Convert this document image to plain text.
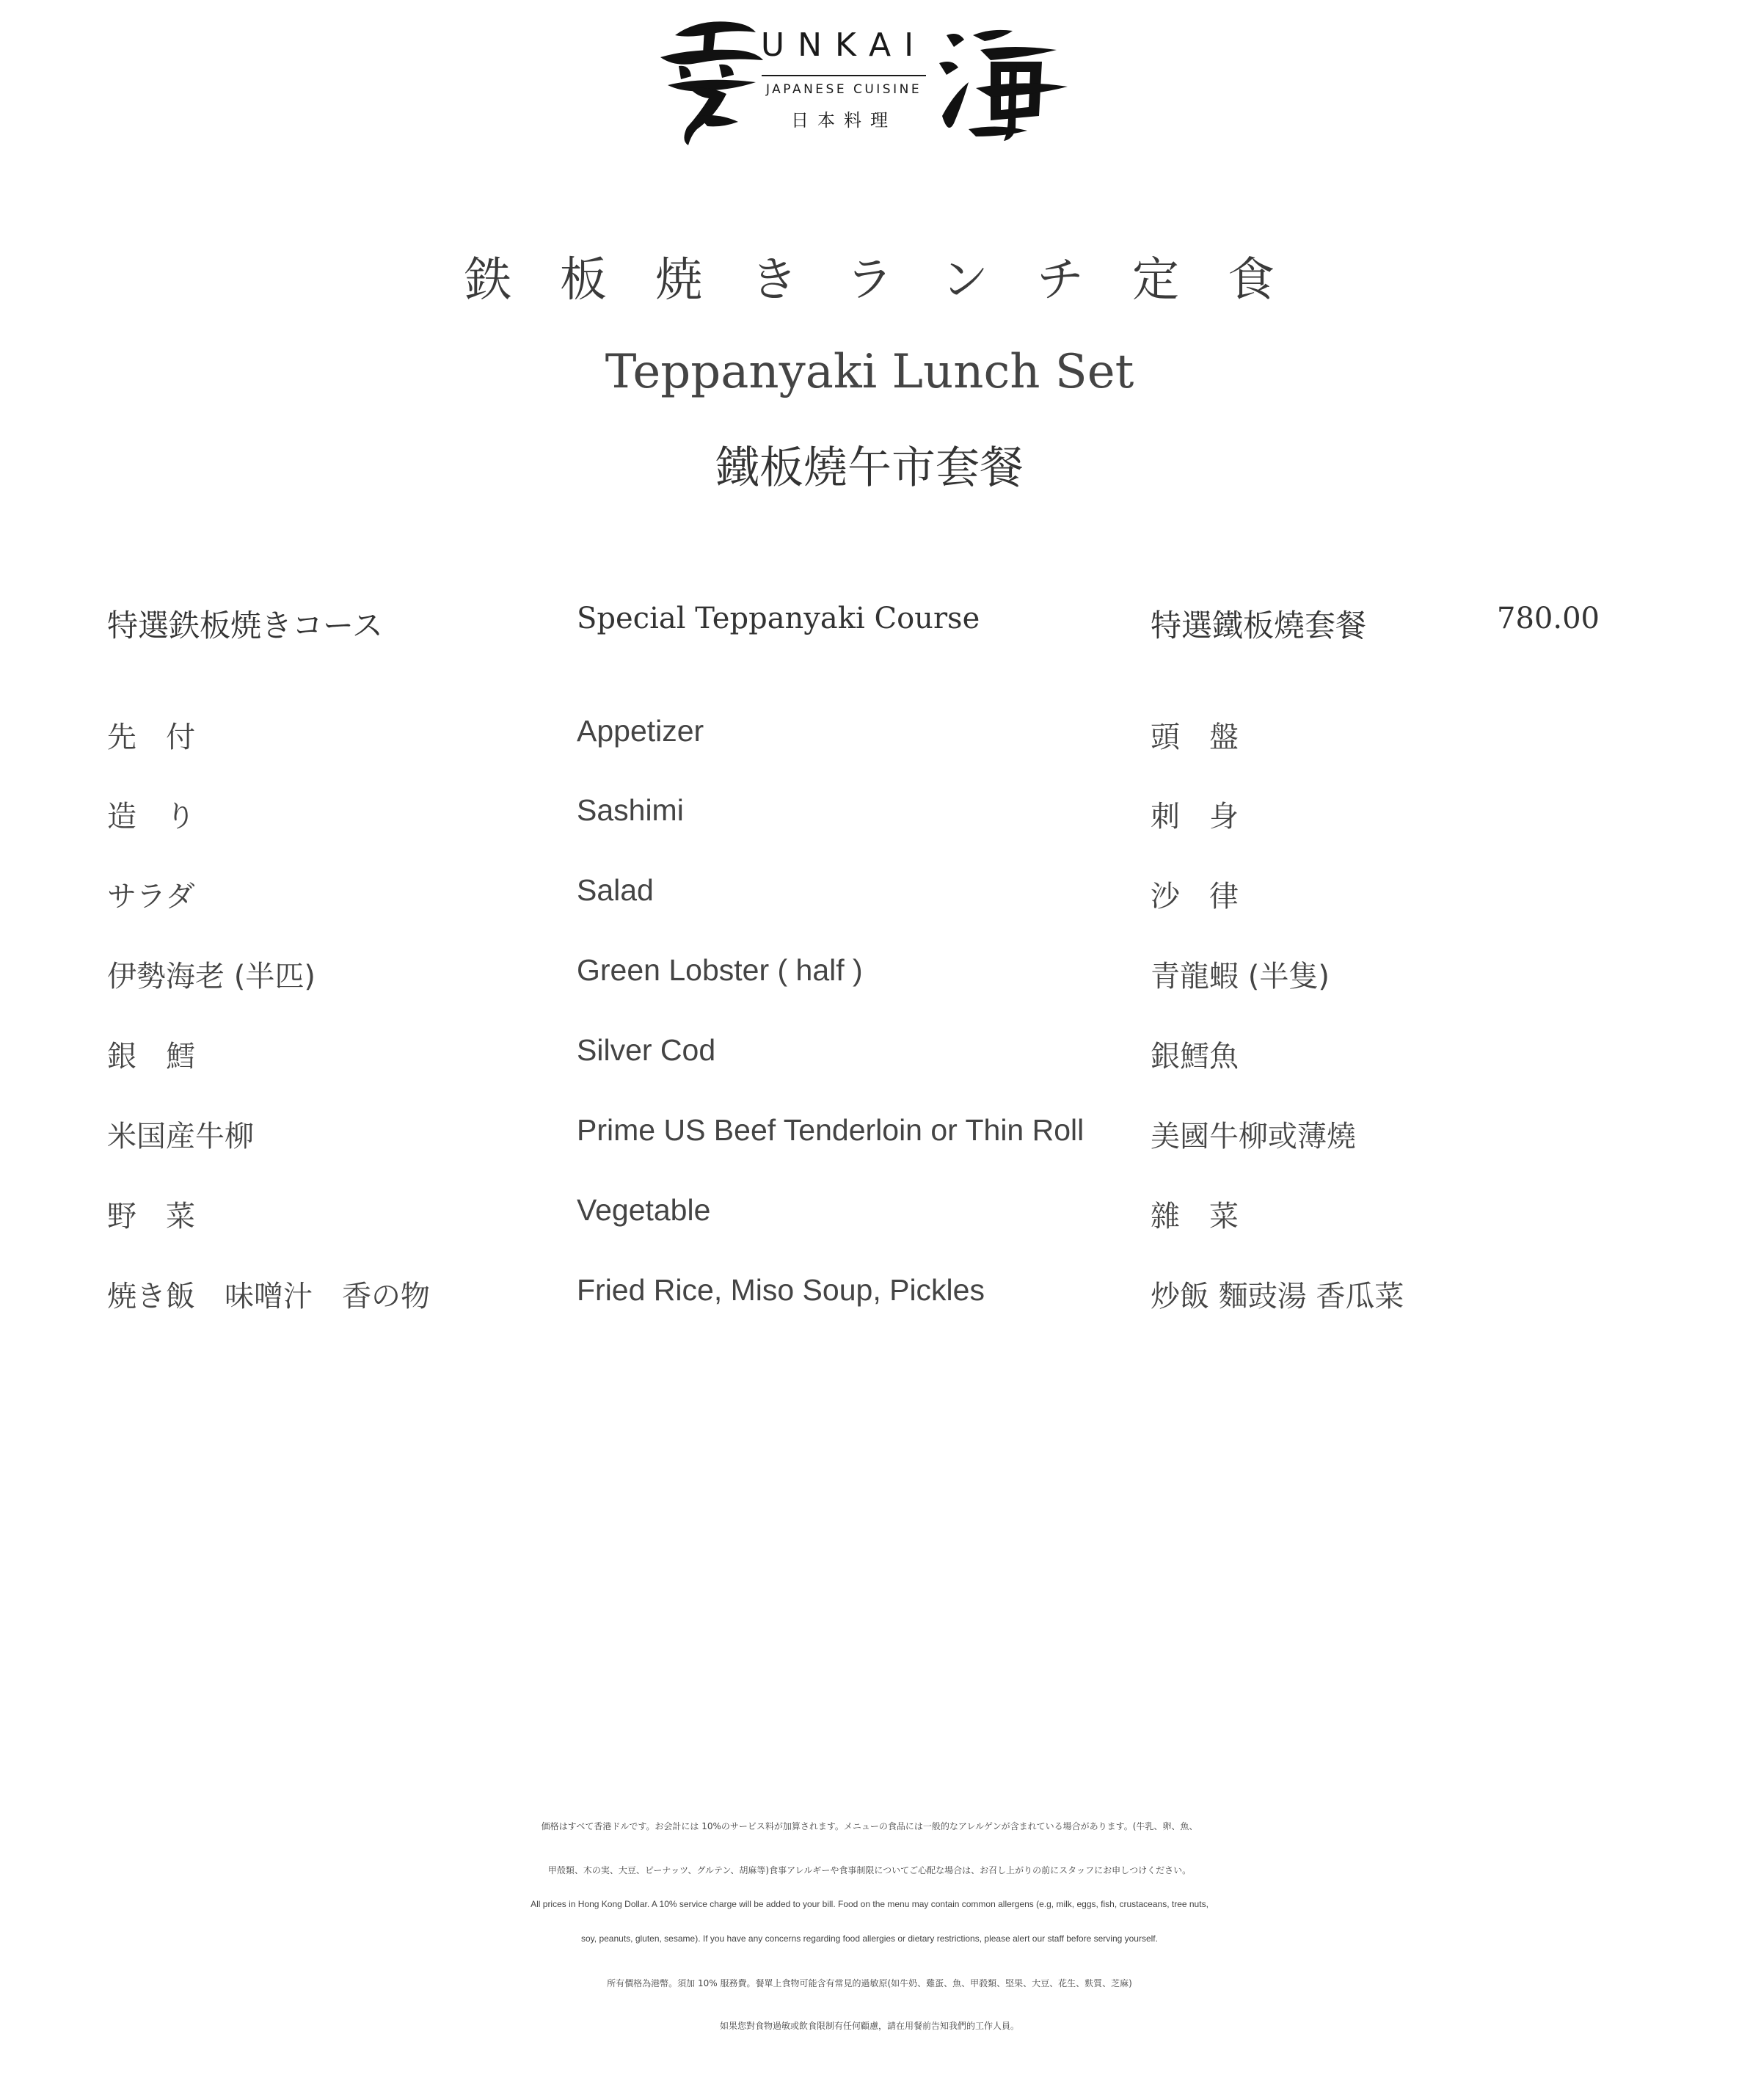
UNKAI
JAPANESE CUISINE
日本料理
鉄板焼きランチ定食
Teppanyaki Lunch Set
鐵板燒午市套餐
特選鉄板焼きコース	Special Teppanyaki Course	特選鐵板燒套餐	780.00
先　付	Appetizer	頭　盤
造　り	Sashimi	刺　身
サラダ	Salad	沙　律
伊勢海老 (半匹)	Green Lobster ( half )	青龍蝦 (半隻)
銀　鱈	Silver Cod	銀鱈魚
米国産牛柳	Prime US Beef Tenderloin or Thin Roll 美國牛柳或薄燒
野　菜	Vegetable	雜　菜
焼き飯　味噌汁　香の物	Fried Rice, Miso Soup, Pickles	炒飯 麵豉湯 香瓜菜
価格はすべて香港ドルです。お会計には 10%のサービス料が加算されます。メニューの食品には一般的なアレルゲンが含まれている場合があります。(牛乳、卵、魚、
甲殻類、木の実、大豆、ピーナッツ、グルテン、胡麻等)食事アレルギーや食事制限についてご心配な場合は、お召し上がりの前にスタッフにお申しつけください。
All prices in Hong Kong Dollar. A 10% service charge will be added to your bill. Food on the menu may contain common allergens (e.g, milk, eggs, fish, crustaceans, tree nuts,
soy, peanuts, gluten, sesame). If you have any concerns regarding food allergies or dietary restrictions, please alert our staff before serving yourself.
所有價格為港幣。須加 10% 服務費。餐單上食物可能含有常見的過敏原(如牛奶、雞蛋、魚、甲殺類、堅果、大豆、花生、麩質、芝麻)
如果您對食物過敏或飲食限制有任何顧慮，請在用餐前告知我們的工作人員。
